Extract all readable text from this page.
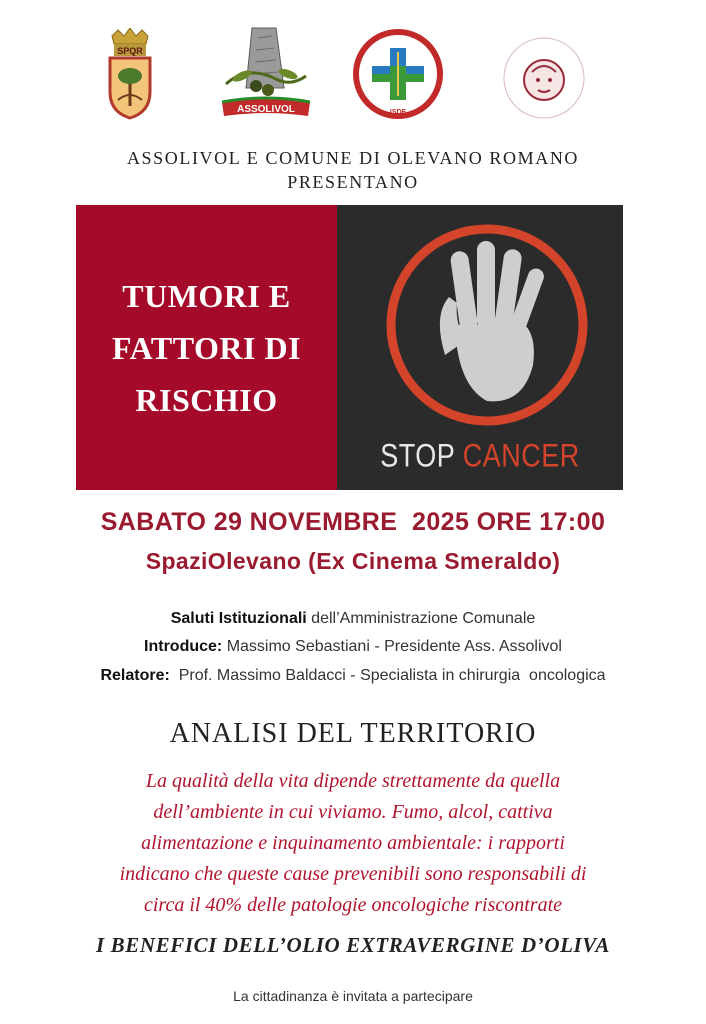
SPQR
ASSOLIVOL	ISDE
ASSOLIVOL E COMUNE DI OLEVANO ROMANO
PRESENTANO
TUMORI E
FATTORI DI
RISCHIO
STOP CANCER
SABATO 29 NOVEMBRE  2025 ORE 17:00
SpaziOlevano (Ex Cinema Smeraldo)
Saluti Istituzionali dell’Amministrazione Comunale
Introduce: Massimo Sebastiani - Presidente Ass. Assolivol
Relatore:  Prof. Massimo Baldacci - Specialista in chirurgia  oncologica
ANALISI DEL TERRITORIO
La qualità della vita dipende strettamente da quella
dell’ambiente in cui viviamo. Fumo, alcol, cattiva
alimentazione e inquinamento ambientale: i rapporti
indicano che queste cause prevenibili sono responsabili di
circa il 40% delle patologie oncologiche riscontrate
I BENEFICI DELL’OLIO EXTRAVERGINE D’OLIVA
La cittadinanza è invitata a partecipare
